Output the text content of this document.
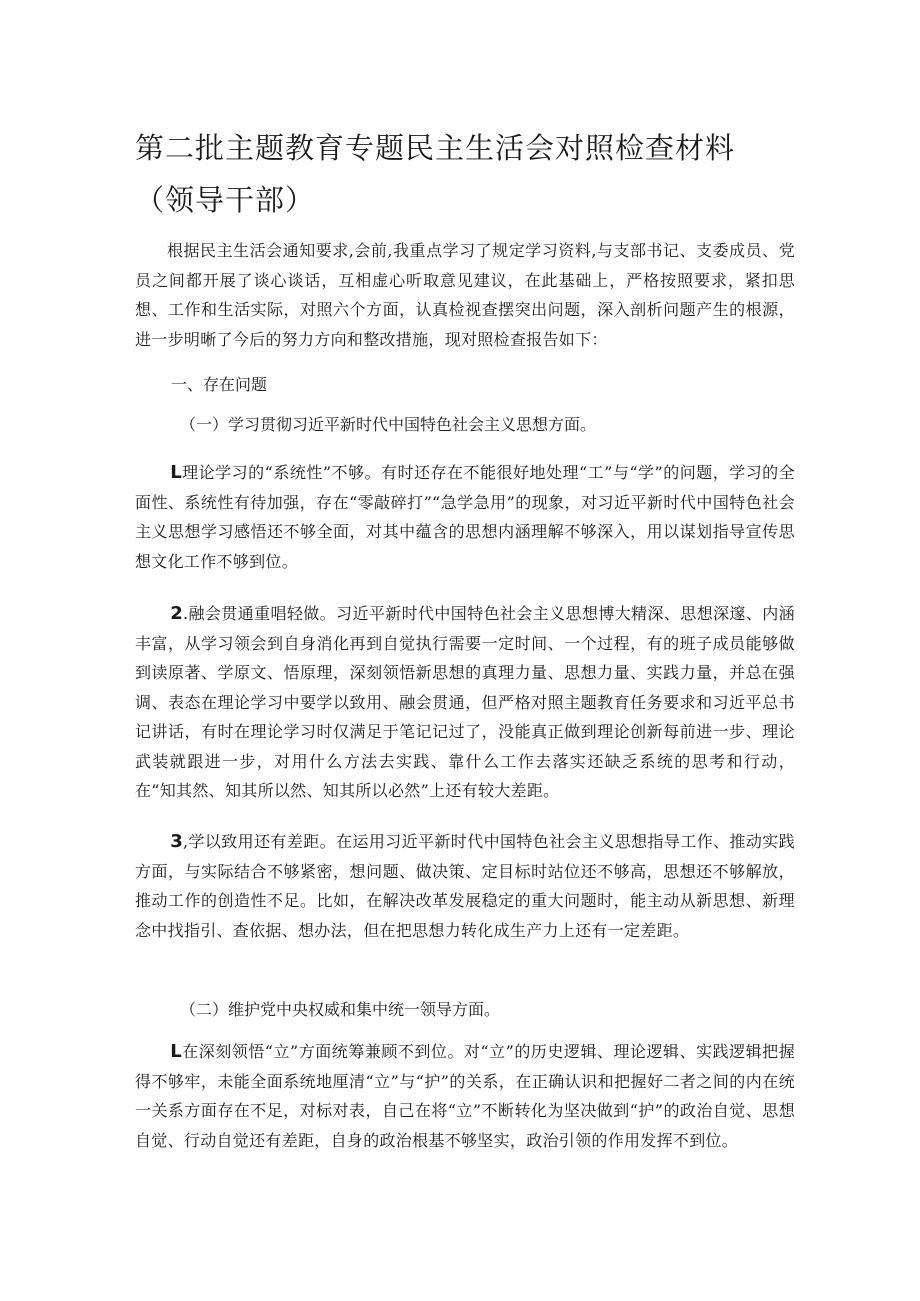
第二批主题教育专题民主生活会对照检查材料（领导干部）

根据民主生活会通知要求,会前,我重点学习了规定学习资料,与支部书记、支委成员、党员之间都开展了谈心谈话，互相虚心听取意见建议，在此基础上，严格按照要求，紧扣思想、工作和生活实际，对照六个方面，认真检视查摆突出问题，深入剖析问题产生的根源，进一步明晰了今后的努力方向和整改措施，现对照检查报告如下：

一、存在问题

（一）学习贯彻习近平新时代中国特色社会主义思想方面。

L理论学习的“系统性”不够。有时还存在不能很好地处理“工”与“学”的问题，学习的全面性、系统性有待加强，存在“零敲碎打”“急学急用”的现象，对习近平新时代中国特色社会主义思想学习感悟还不够全面，对其中蕴含的思想内涵理解不够深入，用以谋划指导宣传思想文化工作不够到位。

2.融会贯通重唱轻做。习近平新时代中国特色社会主义思想博大精深、思想深邃、内涵丰富，从学习领会到自身消化再到自觉执行需要一定时间、一个过程，有的班子成员能够做到读原著、学原文、悟原理，深刻领悟新思想的真理力量、思想力量、实践力量，并总在强调、表态在理论学习中要学以致用、融会贯通，但严格对照主题教育任务要求和习近平总书记讲话，有时在理论学习时仅满足于笔记记过了，没能真正做到理论创新每前进一步、理论武装就跟进一步，对用什么方法去实践、靠什么工作去落实还缺乏系统的思考和行动，在“知其然、知其所以然、知其所以必然”上还有较大差距。

3,学以致用还有差距。在运用习近平新时代中国特色社会主义思想指导工作、推动实践方面，与实际结合不够紧密，想问题、做决策、定目标时站位还不够高，思想还不够解放，推动工作的创造性不足。比如，在解决改革发展稳定的重大问题时，能主动从新思想、新理念中找指引、查依据、想办法，但在把思想力转化成生产力上还有一定差距。

（二）维护党中央权威和集中统一领导方面。

L在深刻领悟“立”方面统筹兼顾不到位。对“立”的历史逻辑、理论逻辑、实践逻辑把握得不够牢，未能全面系统地厘清“立”与“护”的关系，在正确认识和把握好二者之间的内在统一关系方面存在不足，对标对表，自己在将“立”不断转化为坚决做到“护”的政治自觉、思想自觉、行动自觉还有差距，自身的政治根基不够坚实，政治引领的作用发挥不到位。
